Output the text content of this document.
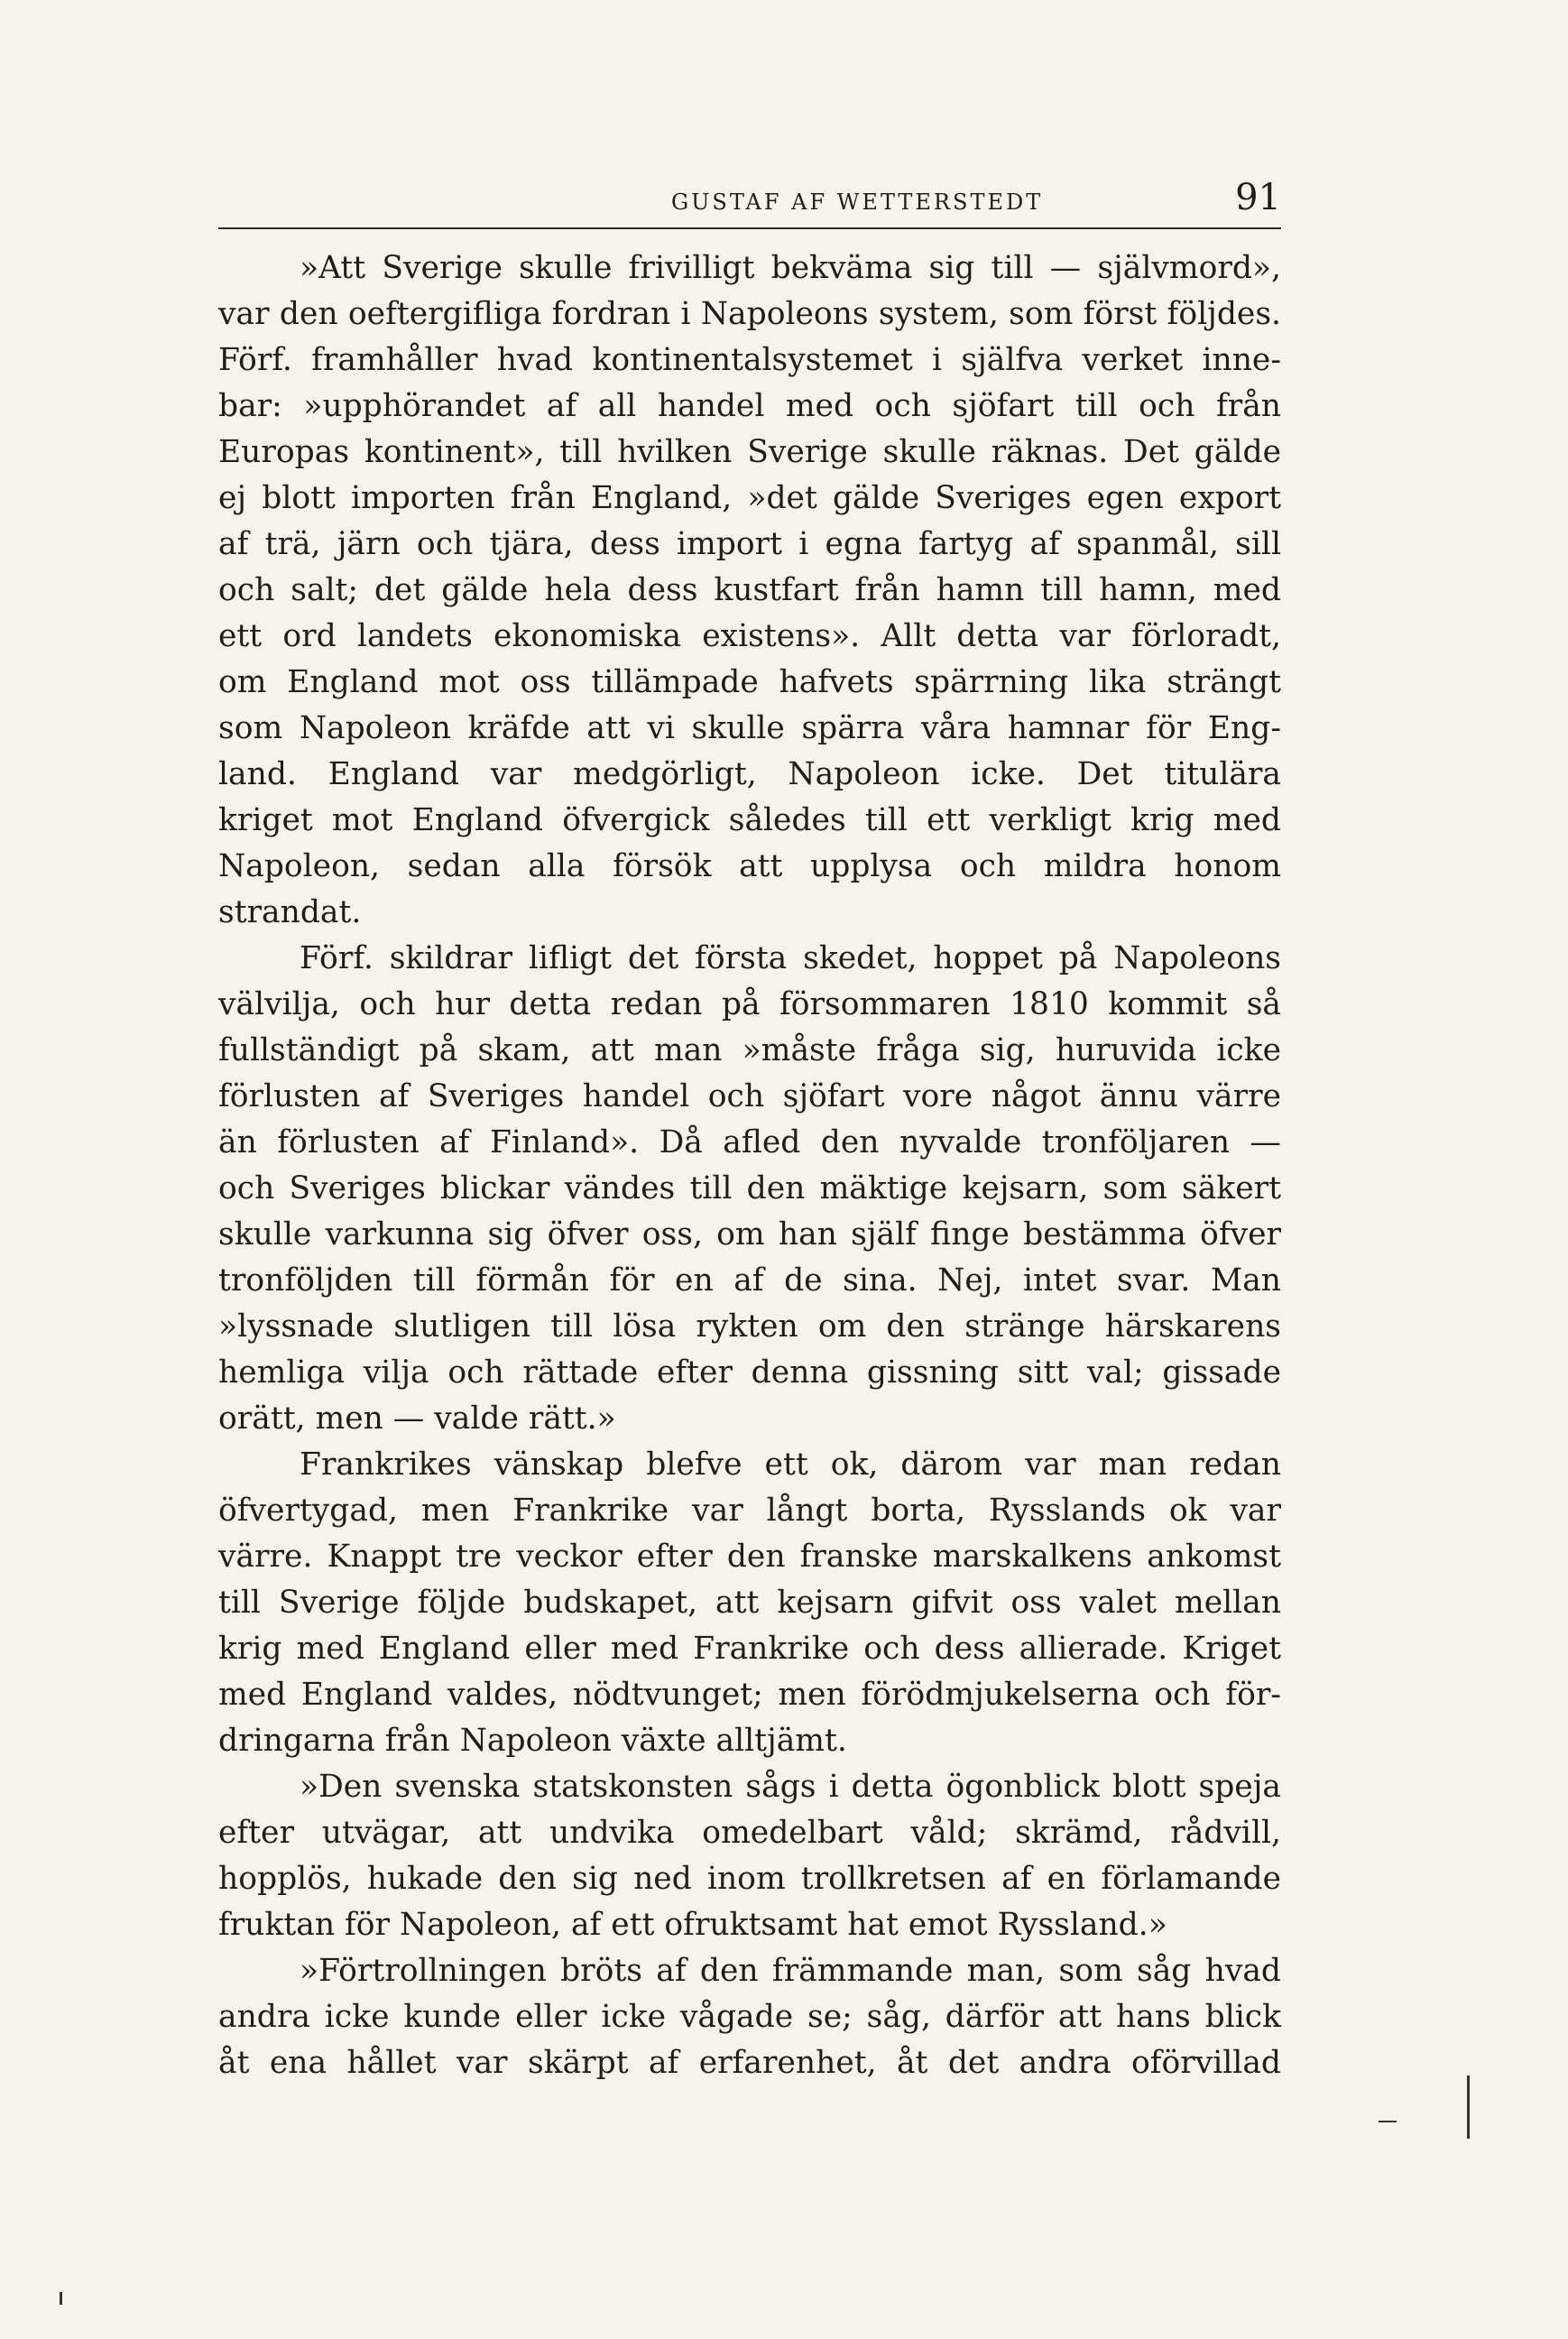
GUSTAF AF WETTERSTEDT	91
»Att Sverige skulle frivilligt bekväma sig till — självmord»,
var den oeftergifliga fordran i Napoleons system, som först följdes.
Förf. framhåller hvad kontinentalsystemet i själfva verket inne-
bar: »upphörandet af all handel med och sjöfart till och från
Europas kontinent», till hvilken Sverige skulle räknas. Det gälde
ej blott importen från England, »det gälde Sveriges egen export
af trä, järn och tjära, dess import i egna fartyg af spanmål, sill
och salt; det gälde hela dess kustfart från hamn till hamn, med
ett ord landets ekonomiska existens». Allt detta var förloradt,
om England mot oss tillämpade hafvets spärrning lika strängt
som Napoleon kräfde att vi skulle spärra våra hamnar för Eng-
land. England var medgörligt, Napoleon icke. Det titulära
kriget mot England öfvergick således till ett verkligt krig med
Napoleon, sedan alla försök att upplysa och mildra honom
strandat.
Förf. skildrar lifligt det första skedet, hoppet på Napoleons
välvilja, och hur detta redan på försommaren 1810 kommit så
fullständigt på skam, att man »måste fråga sig, huruvida icke
förlusten af Sveriges handel och sjöfart vore något ännu värre
än förlusten af Finland». Då afled den nyvalde tronföljaren —
och Sveriges blickar vändes till den mäktige kejsarn, som säkert
skulle varkunna sig öfver oss, om han själf finge bestämma öfver
tronföljden till förmån för en af de sina. Nej, intet svar. Man
»lyssnade slutligen till lösa rykten om den stränge härskarens
hemliga vilja och rättade efter denna gissning sitt val; gissade
orätt, men — valde rätt.»
Frankrikes vänskap blefve ett ok, därom var man redan
öfvertygad, men Frankrike var långt borta, Rysslands ok var
värre. Knappt tre veckor efter den franske marskalkens ankomst
till Sverige följde budskapet, att kejsarn gifvit oss valet mellan
krig med England eller med Frankrike och dess allierade. Kriget
med England valdes, nödtvunget; men förödmjukelserna och för-
dringarna från Napoleon växte alltjämt.
»Den svenska statskonsten sågs i detta ögonblick blott speja
efter utvägar, att undvika omedelbart våld; skrämd, rådvill,
hopplös, hukade den sig ned inom trollkretsen af en förlamande
fruktan för Napoleon, af ett ofruktsamt hat emot Ryssland.»
»Förtrollningen bröts af den främmande man, som såg hvad
andra icke kunde eller icke vågade se; såg, därför att hans blick
åt ena hållet var skärpt af erfarenhet, åt det andra oförvillad
